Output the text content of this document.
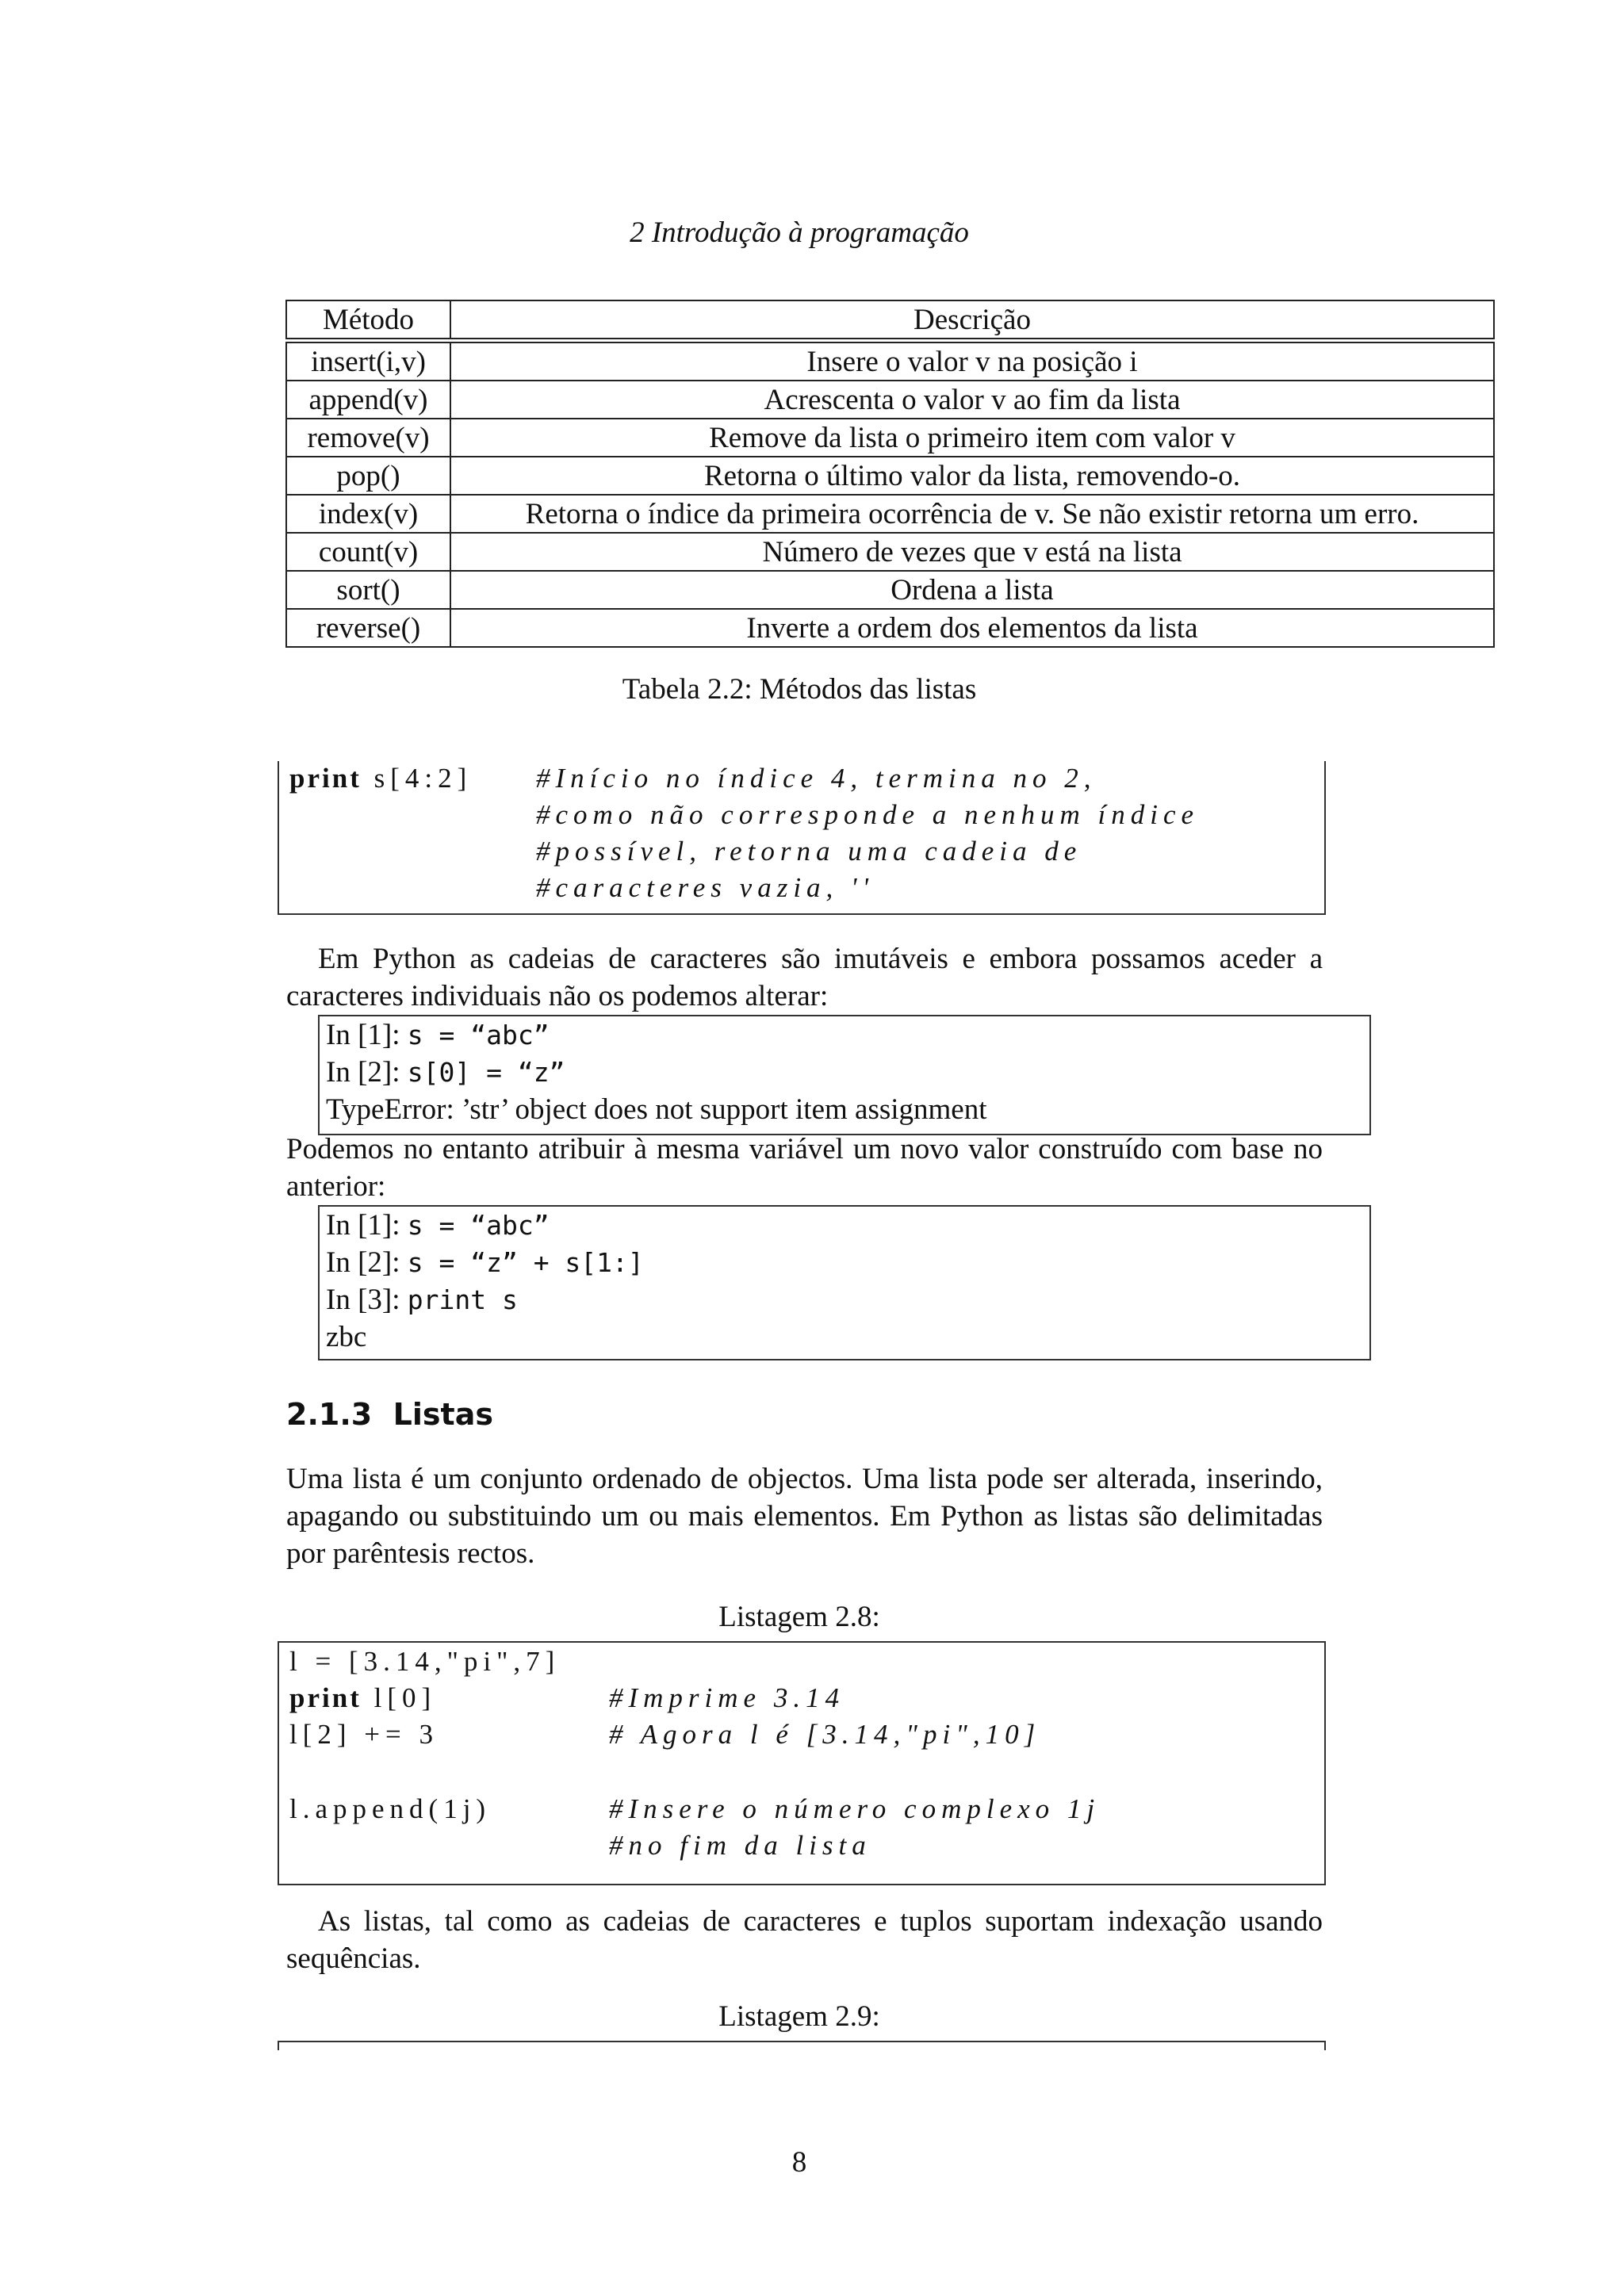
2 Introdução à programação
Método	Descrição
insert(i,v)	Insere o valor v na posição i
append(v)	Acrescenta o valor v ao fim da lista
remove(v)	Remove da lista o primeiro item com valor v
pop()	Retorna o último valor da lista, removendo-o.
index(v)	Retorna o índice da primeira ocorrência de v. Se não existir retorna um erro.
count(v)	Número de vezes que v está na lista
sort()	Ordena a lista
reverse()	Inverte a ordem dos elementos da lista
Tabela 2.2: Métodos das listas
print s[4:2] #Início no índice 4, termina no 2,
#como não corresponde a nenhum índice
#possível, retorna uma cadeia de
#caracteres vazia, ''
Em Python as cadeias de caracteres são imutáveis e embora possamos aceder a caracteres individuais não os podemos alterar:
In [1]: s = “abc”
In [2]: s[0] = “z”
TypeError: ’str’ object does not support item assignment
Podemos no entanto atribuir à mesma variável um novo valor construído com base no anterior:
In [1]: s = “abc”
In [2]: s = “z” + s[1:]
In [3]: print s
zbc
2.1.3 Listas
Uma lista é um conjunto ordenado de objectos. Uma lista pode ser alterada, inserindo, apagando ou substituindo um ou mais elementos. Em Python as listas são delimitadas por parêntesis rectos.
Listagem 2.8:
l = [3.14,"pi",7]
print l[0]	#Imprime 3.14
l[2] += 3	# Agora l é [3.14,"pi",10]
l.append(1j)	#Insere o número complexo 1j
#no fim da lista
As listas, tal como as cadeias de caracteres e tuplos suportam indexação usando sequências.
Listagem 2.9:
8
